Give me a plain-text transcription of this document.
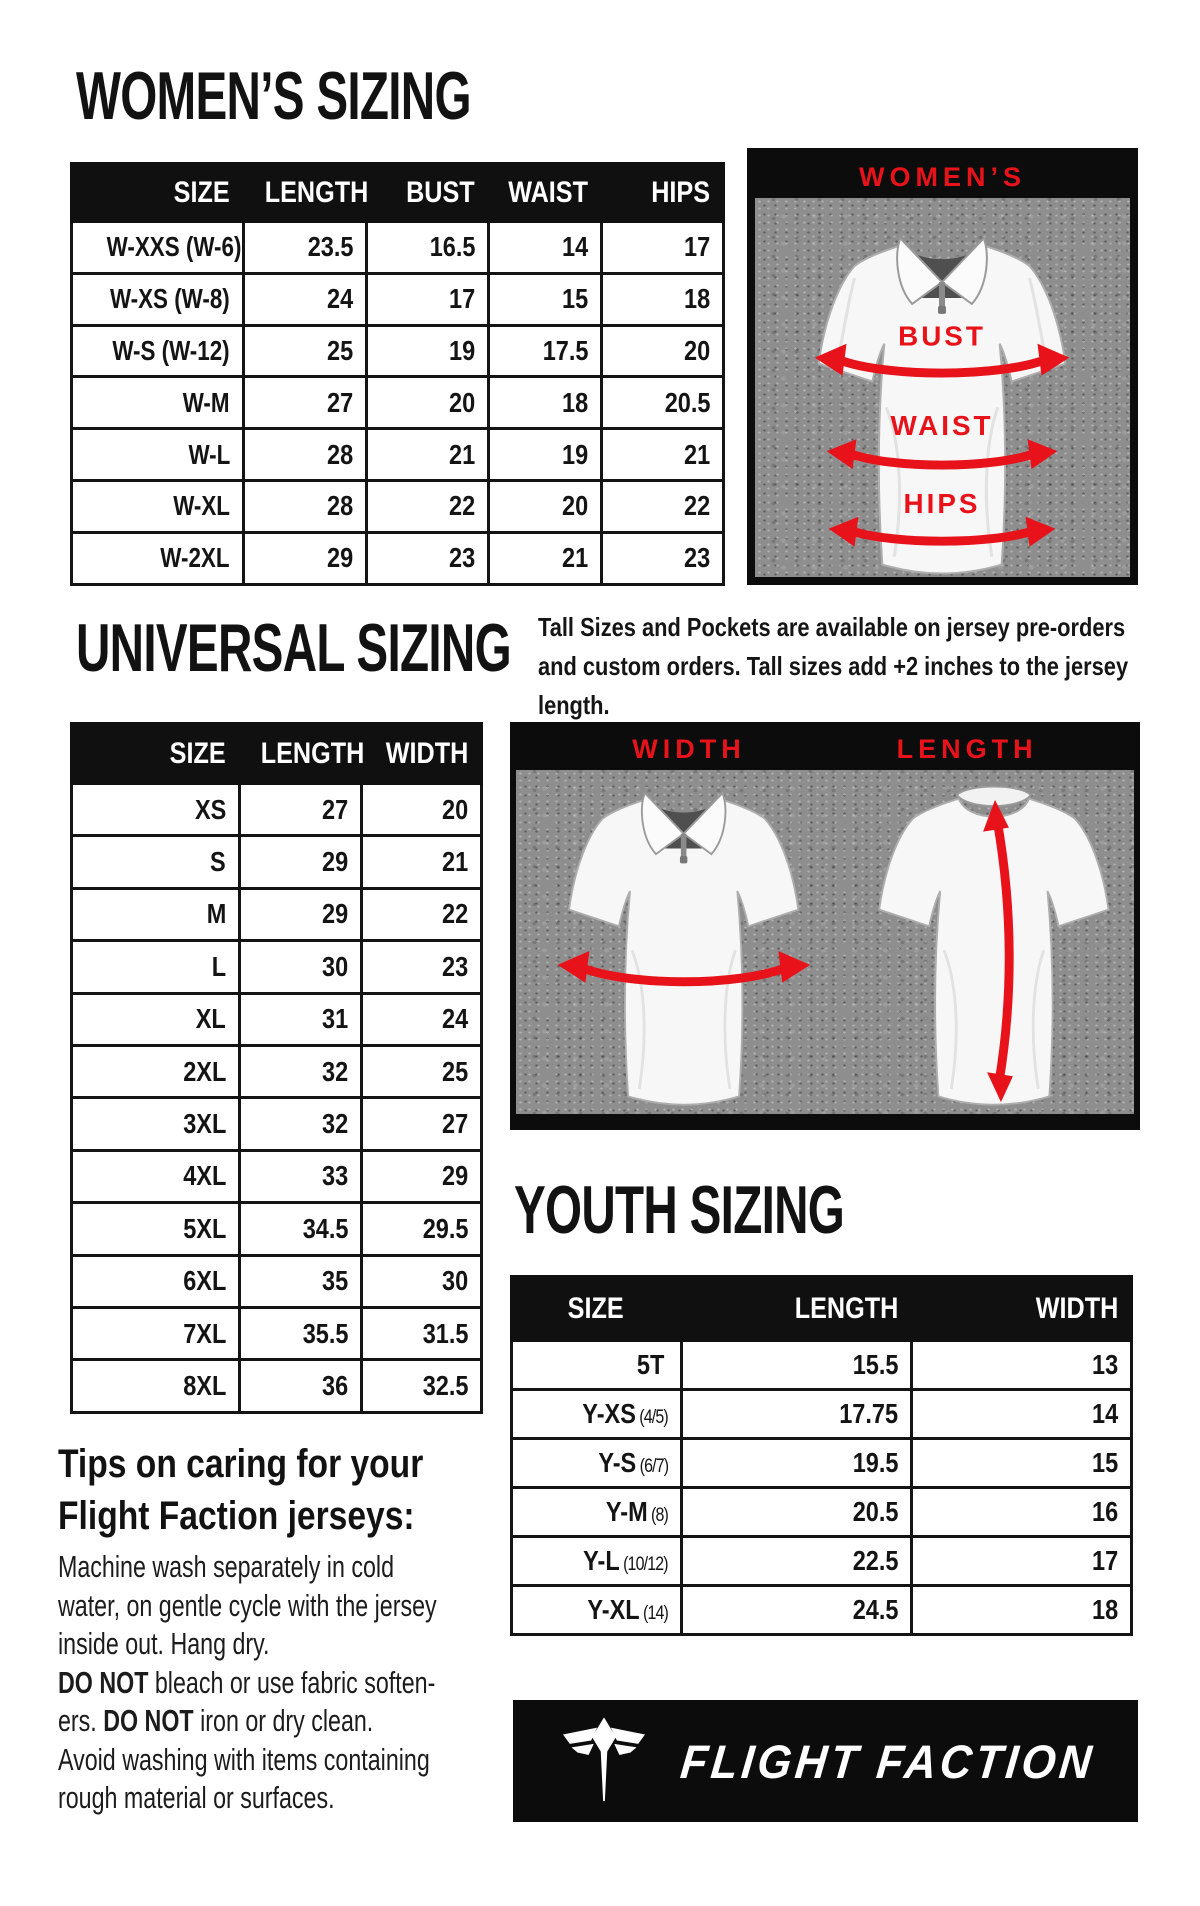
WOMEN’S SIZING
SIZE	LENGTH	BUST	WAIST	HIPS
W-XXS (W-6)	23.5	16.5	14	17
W-XS (W-8)	24	17	15	18
W-S (W-12)	25	19	17.5	20
W-M	27	20	18	20.5
W-L	28	21	19	21
W-XL	28	22	20	22
W-2XL	29	23	21	23
WOMEN’S
BUST
WAIST
HIPS
UNIVERSAL SIZING Tall Sizes and Pockets are available on jersey pre-orders
and custom orders. Tall sizes add +2 inches to the jersey
length.
SIZE	LENGTH	WIDTH
XS	27	20
S	29	21
M	29	22
L	30	23
XL	31	24
2XL	32	25
3XL	32	27
4XL	33	29
5XL	34.5	29.5
6XL	35	30
7XL	35.5	31.5
8XL	36	32.5
WIDTH	LENGTH
YOUTH SIZING
SIZE	LENGTH	WIDTH
5T	15.5	13
Y-XS (4/5)	17.75	14
Y-S (6/7)	19.5	15
Y-M (8)	20.5	16
Y-L (10/12)	22.5	17
Y-XL (14)	24.5	18
Tips on caring for your
Flight Faction jerseys:
Machine wash separately in cold
water, on gentle cycle with the jersey
inside out. Hang dry.
DO NOT bleach or use fabric soften-
ers. DO NOT iron or dry clean.
Avoid washing with items containing
rough material or surfaces.
FLIGHT FACTION
